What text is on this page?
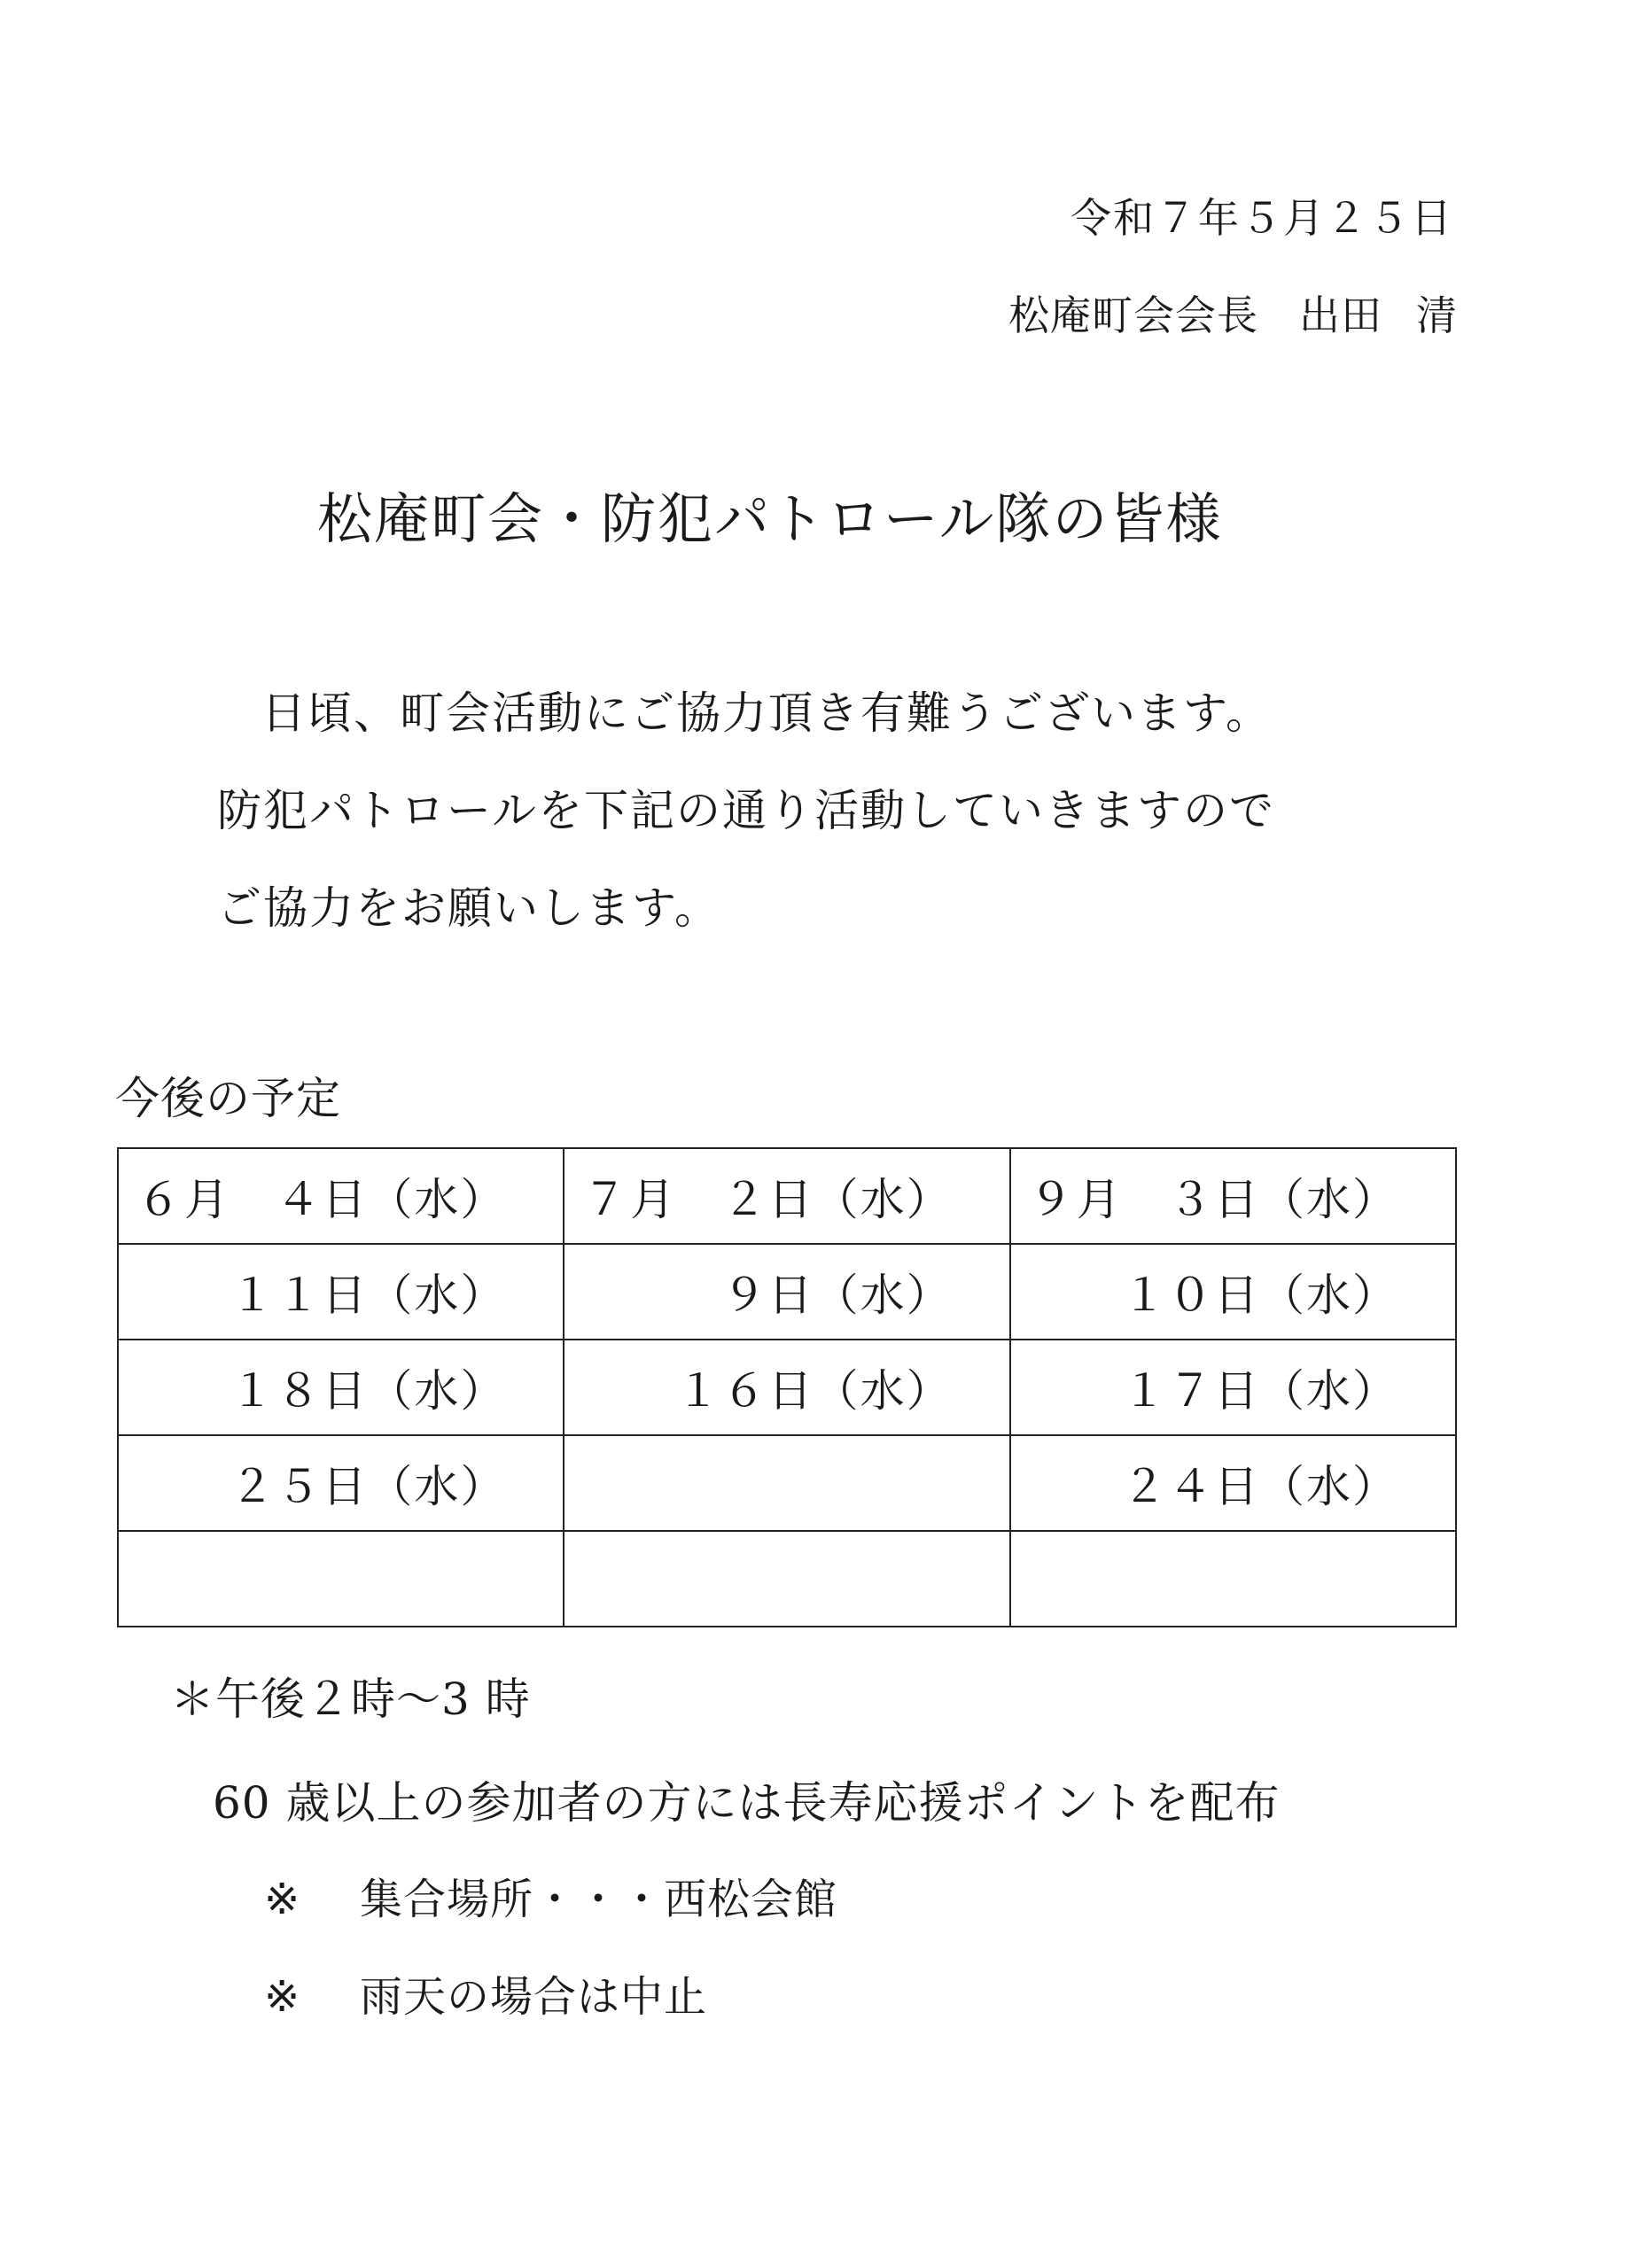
令和７年５月２５日
松庵町会会長 出田 清
松庵町会・防犯パトロール隊の皆様
日頃、町会活動にご協力頂き有難うございます。
防犯パトロールを下記の通り活動していきますので
ご協力をお願いします。
今後の予定
６月 ４日（水）	７月 ２日（水）	９月 ３日（水）

１１日（水）	９日（水）	１０日（水）

１８日（水）	１６日（水）	１７日（水）

２５日（水）		２４日（水）

＊午後２時～3 時
60 歳以上の参加者の方には長寿応援ポイントを配布
※ 集合場所・・・西松会館
※ 雨天の場合は中止
